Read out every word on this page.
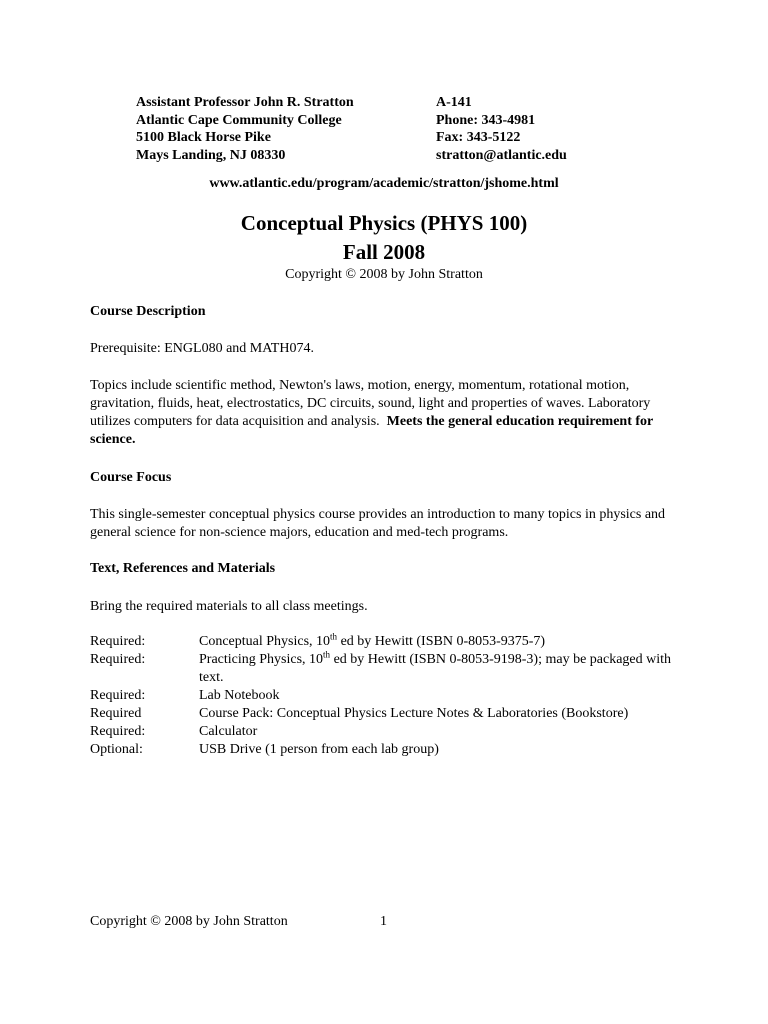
Assistant Professor John R. Stratton	A-141
Atlantic Cape Community College	Phone: 343-4981
5100 Black Horse Pike	Fax: 343-5122
Mays Landing, NJ 08330	stratton@atlantic.edu
www.atlantic.edu/program/academic/stratton/jshome.html
Conceptual Physics (PHYS 100)
Fall 2008
Copyright © 2008 by John Stratton
Course Description

Prerequisite: ENGL080 and MATH074.

Topics include scientific method, Newton's laws, motion, energy, momentum, rotational motion, gravitation, fluids, heat, electrostatics, DC circuits, sound, light and properties of waves. Laboratory utilizes computers for data acquisition and analysis. Meets the general education requirement for science.

Course Focus

This single-semester conceptual physics course provides an introduction to many topics in physics and general science for non-science majors, education and med-tech programs.

Text, References and Materials

Bring the required materials to all class meetings.

Required:	Conceptual Physics, 10th ed by Hewitt (ISBN 0-8053-9375-7)
Required:	Practicing Physics, 10th ed by Hewitt (ISBN 0-8053-9198-3); may be packaged with text.
Required:	Lab Notebook
Required	Course Pack: Conceptual Physics Lecture Notes & Laboratories (Bookstore)
Required:	Calculator
Optional:	USB Drive (1 person from each lab group)
Copyright © 2008 by John Stratton	1
